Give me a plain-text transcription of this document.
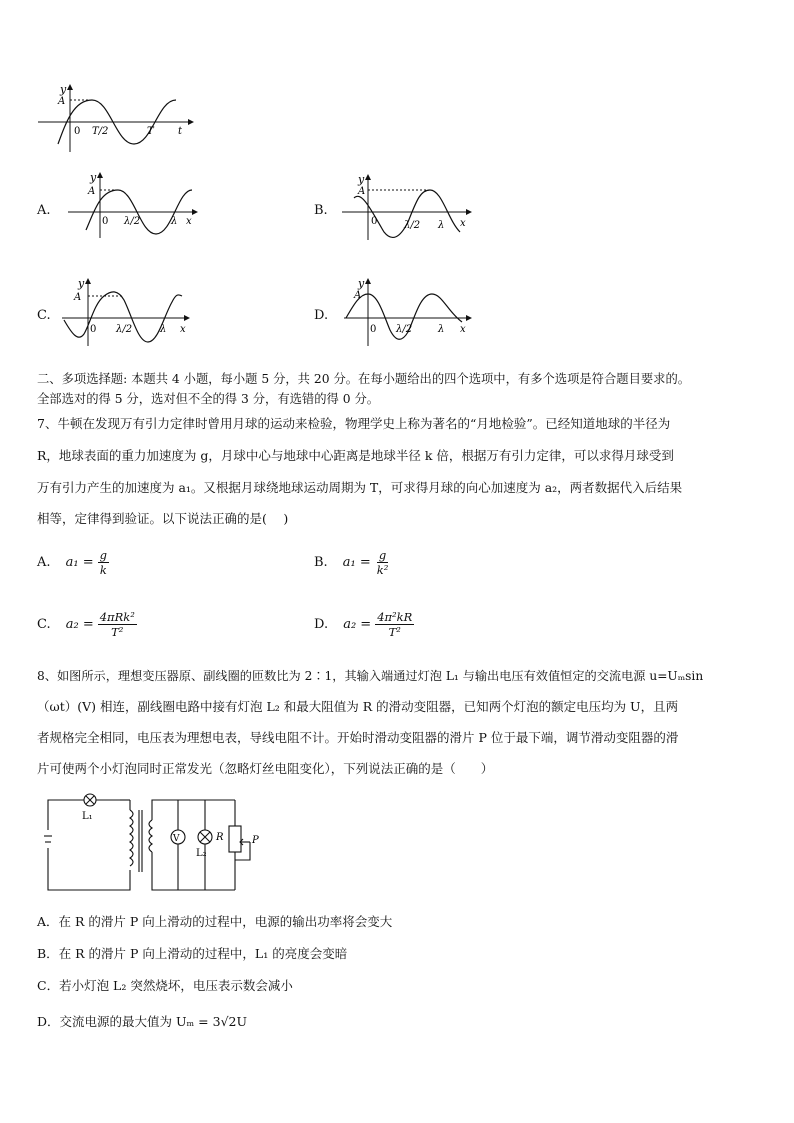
y
A
0 T/2	T t
A.
y
A
0 λ/2	λ x
B.
y
A
0	λ/2 λ x
C.
y
A
0 λ/2	λ x
D.
y
A
0 λ/2	λ x
二、多项选择题: 本题共 4 小题，每小题 5 分，共 20 分。在每小题给出的四个选项中，有多个选项是符合题目要求的。
全部选对的得 5 分，选对但不全的得 3 分，有选错的得 0 分。
7、牛顿在发现万有引力定律时曾用月球的运动来检验，物理学史上称为著名的“月地检验”。已经知道地球的半径为
R，地球表面的重力加速度为 g，月球中心与地球中心距离是地球半径 k 倍，根据万有引力定律，可以求得月球受到
万有引力产生的加速度为 a₁。又根据月球绕地球运动周期为 T，可求得月球的向心加速度为 a₂，两者数据代入后结果
相等，定律得到验证。以下说法正确的是(　 )
A. $a_1 = \frac{g}{k}$	B. $a_1 = \frac{g}{\text{k²}}$
C. $a_2 = \frac{\text{4πRk²}}{\text{T²}}$	D. $a_2 = \frac{\text{4π²kR}}{\text{T²}}$
8、如图所示，理想变压器原、副线圈的匝数比为 2∶1，其输入端通过灯泡 L₁ 与输出电压有效值恒定的交流电源 u=Uₘsin
（ωt）(V) 相连，副线圈电路中接有灯泡 L₂ 和最大阻值为 R 的滑动变阻器，已知两个灯泡的额定电压均为 U，且两
者规格完全相同，电压表为理想电表，导线电阻不计。开始时滑动变阻器的滑片 P 位于最下端，调节滑动变阻器的滑
片可使两个小灯泡同时正常发光（忽略灯丝电阻变化），下列说法正确的是（　　）
L₁
V
L₂
R	P
A．在 R 的滑片 P 向上滑动的过程中，电源的输出功率将会变大
B．在 R 的滑片 P 向上滑动的过程中，L₁ 的亮度会变暗
C．若小灯泡 L₂ 突然烧坏，电压表示数会减小
D．交流电源的最大值为 Uₘ = 3√2U
